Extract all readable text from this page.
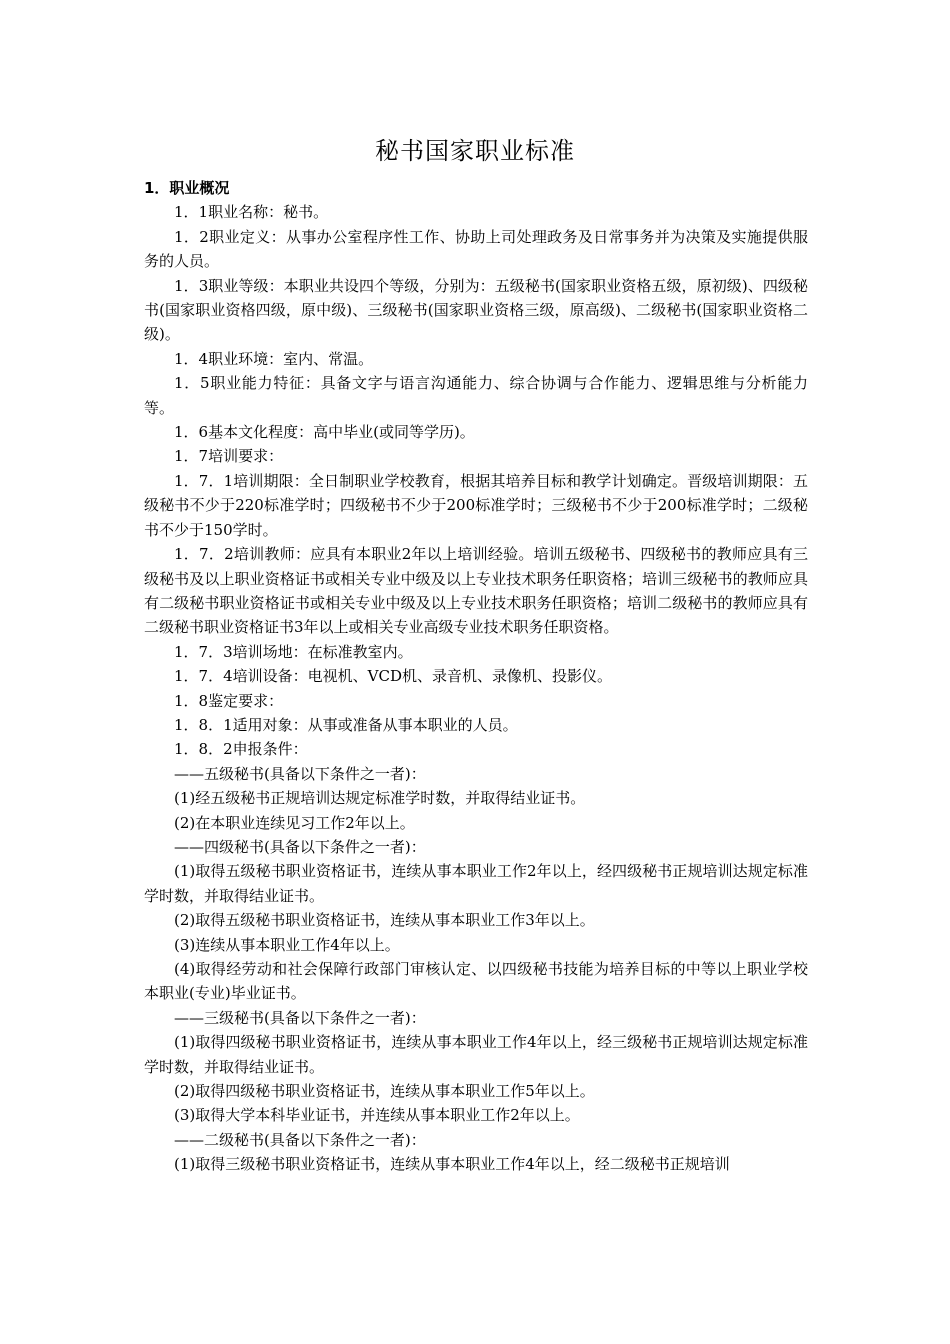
秘书国家职业标准

1．职业概况

1．1职业名称：秘书。

1．2职业定义：从事办公室程序性工作、协助上司处理政务及日常事务并为决策及实施提供服务的人员。

1．3职业等级：本职业共设四个等级，分别为：五级秘书(国家职业资格五级，原初级)、四级秘书(国家职业资格四级，原中级)、三级秘书(国家职业资格三级，原高级)、二级秘书(国家职业资格二级)。

1．4职业环境：室内、常温。

1．5职业能力特征：具备文字与语言沟通能力、综合协调与合作能力、逻辑思维与分析能力等。

1．6基本文化程度：高中毕业(或同等学历)。

1．7培训要求：

1．7．1培训期限：全日制职业学校教育，根据其培养目标和教学计划确定。晋级培训期限：五级秘书不少于220标准学时；四级秘书不少于200标准学时；三级秘书不少于200标准学时；二级秘书不少于150学时。

1．7．2培训教师：应具有本职业2年以上培训经验。培训五级秘书、四级秘书的教师应具有三级秘书及以上职业资格证书或相关专业中级及以上专业技术职务任职资格；培训三级秘书的教师应具有二级秘书职业资格证书或相关专业中级及以上专业技术职务任职资格；培训二级秘书的教师应具有二级秘书职业资格证书3年以上或相关专业高级专业技术职务任职资格。

1．7．3培训场地：在标准教室内。

1．7．4培训设备：电视机、VCD机、录音机、录像机、投影仪。

1．8鉴定要求：

1．8．1适用对象：从事或准备从事本职业的人员。

1．8．2申报条件：

——五级秘书(具备以下条件之一者)：

(1)经五级秘书正规培训达规定标准学时数，并取得结业证书。

(2)在本职业连续见习工作2年以上。

——四级秘书(具备以下条件之一者)：

(1)取得五级秘书职业资格证书，连续从事本职业工作2年以上，经四级秘书正规培训达规定标准学时数，并取得结业证书。

(2)取得五级秘书职业资格证书，连续从事本职业工作3年以上。

(3)连续从事本职业工作4年以上。

(4)取得经劳动和社会保障行政部门审核认定、以四级秘书技能为培养目标的中等以上职业学校本职业(专业)毕业证书。

——三级秘书(具备以下条件之一者)：

(1)取得四级秘书职业资格证书，连续从事本职业工作4年以上，经三级秘书正规培训达规定标准学时数，并取得结业证书。

(2)取得四级秘书职业资格证书，连续从事本职业工作5年以上。

(3)取得大学本科毕业证书，并连续从事本职业工作2年以上。

——二级秘书(具备以下条件之一者)：

(1)取得三级秘书职业资格证书，连续从事本职业工作4年以上，经二级秘书正规培训
